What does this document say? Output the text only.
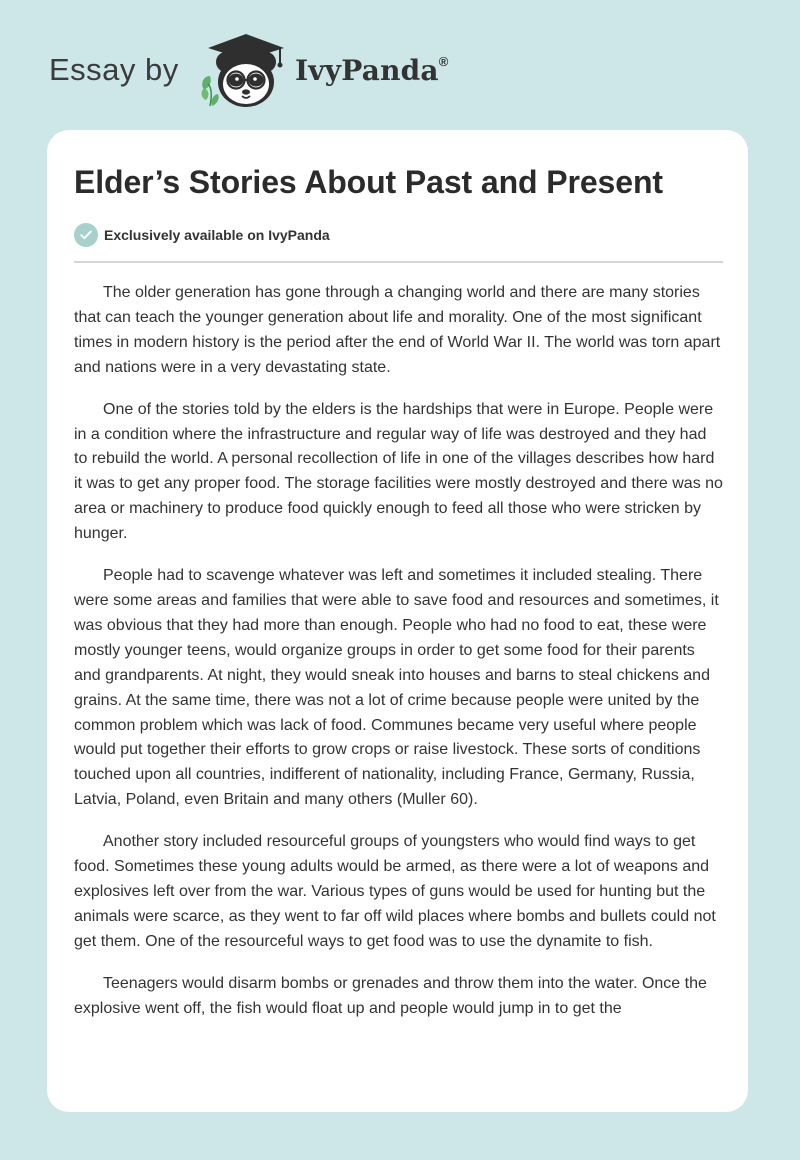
Essay by	IvyPanda®
Elder’s Stories About Past and Present
Exclusively available on IvyPanda

The older generation has gone through a changing world and there are many stories that can teach the younger generation about life and morality. One of the most significant times in modern history is the period after the end of World War II. The world was torn apart and nations were in a very devastating state.

One of the stories told by the elders is the hardships that were in Europe. People were in a condition where the infrastructure and regular way of life was destroyed and they had to rebuild the world. A personal recollection of life in one of the villages describes how hard it was to get any proper food. The storage facilities were mostly destroyed and there was no area or machinery to produce food quickly enough to feed all those who were stricken by hunger.

People had to scavenge whatever was left and sometimes it included stealing. There were some areas and families that were able to save food and resources and sometimes, it was obvious that they had more than enough. People who had no food to eat, these were mostly younger teens, would organize groups in order to get some food for their parents and grandparents. At night, they would sneak into houses and barns to steal chickens and grains. At the same time, there was not a lot of crime because people were united by the common problem which was lack of food. Communes became very useful where people would put together their efforts to grow crops or raise livestock. These sorts of conditions touched upon all countries, indifferent of nationality, including France, Germany, Russia, Latvia, Poland, even Britain and many others (Muller 60).

Another story included resourceful groups of youngsters who would find ways to get food. Sometimes these young adults would be armed, as there were a lot of weapons and explosives left over from the war. Various types of guns would be used for hunting but the animals were scarce, as they went to far off wild places where bombs and bullets could not get them. One of the resourceful ways to get food was to use the dynamite to fish.

Teenagers would disarm bombs or grenades and throw them into the water. Once the explosive went off, the fish would float up and people would jump in to get the
